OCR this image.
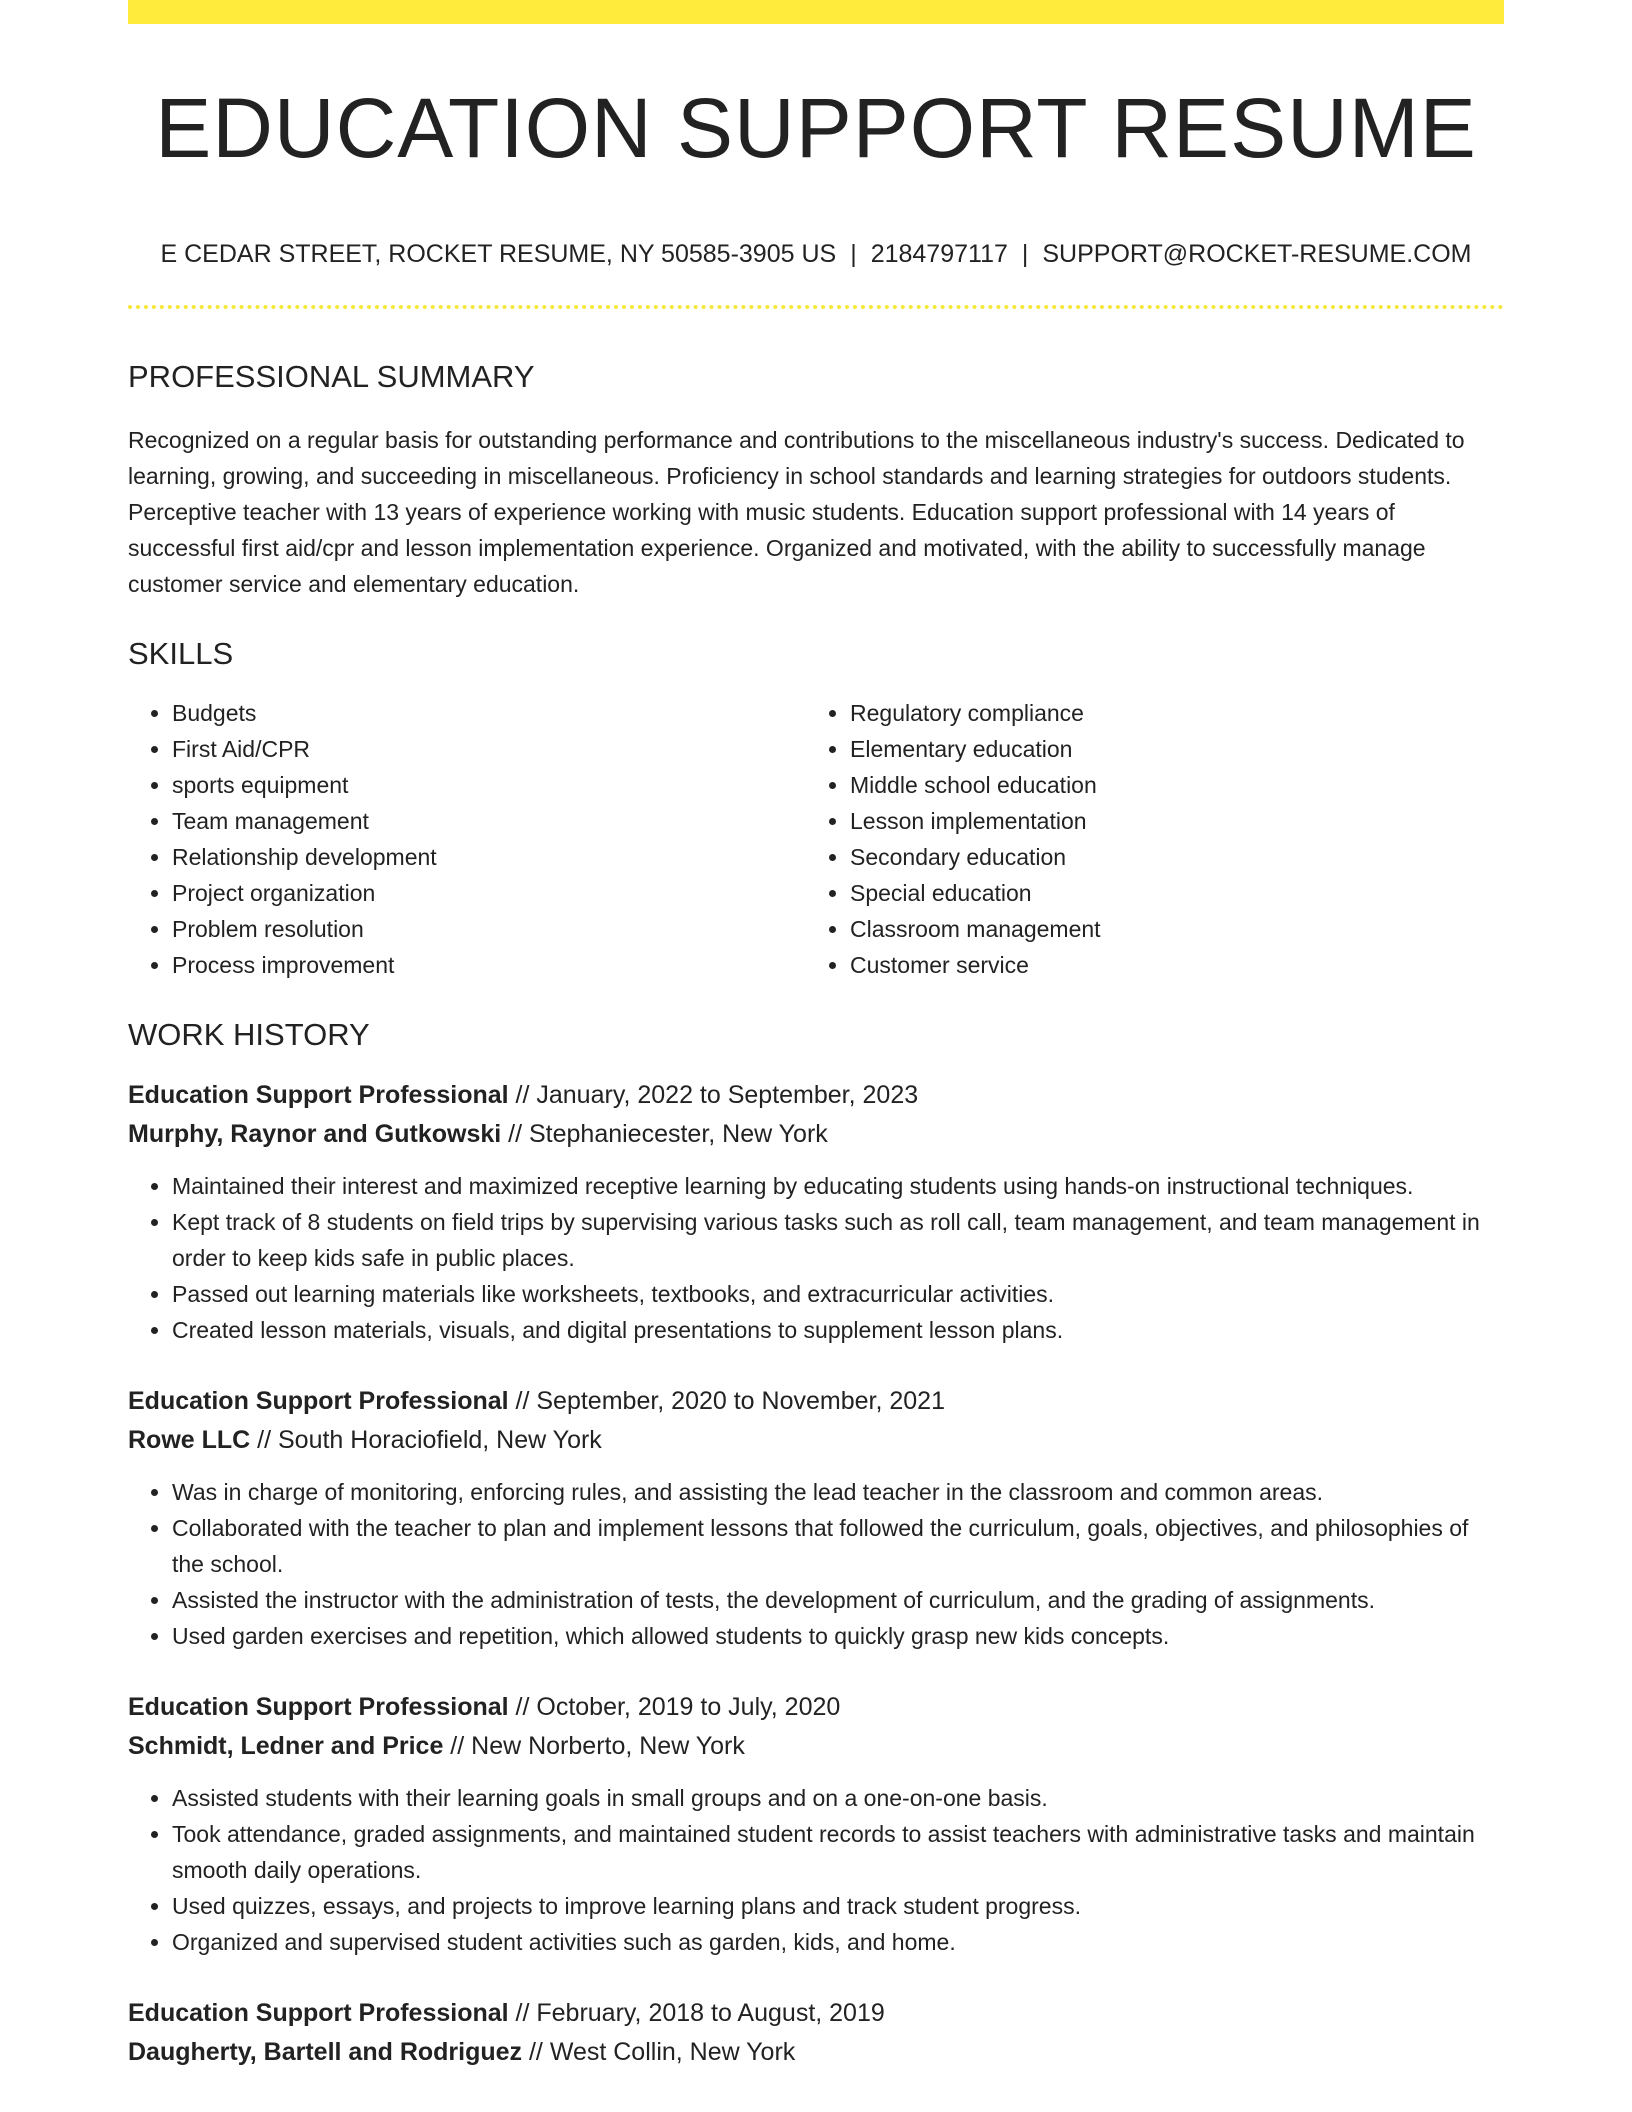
EDUCATION SUPPORT RESUME
E CEDAR STREET, ROCKET RESUME, NY 50585-3905 US | 2184797117 | SUPPORT@ROCKET-RESUME.COM
PROFESSIONAL SUMMARY

Recognized on a regular basis for outstanding performance and contributions to the miscellaneous industry's success. Dedicated to learning, growing, and succeeding in miscellaneous. Proficiency in school standards and learning strategies for outdoors students. Perceptive teacher with 13 years of experience working with music students. Education support professional with 14 years of successful first aid/cpr and lesson implementation experience. Organized and motivated, with the ability to successfully manage customer service and elementary education.

SKILLS
• Budgets
• First Aid/CPR
• sports equipment
• Team management
• Relationship development
• Project organization
• Problem resolution
• Process improvement
• Regulatory compliance
• Elementary education
• Middle school education
• Lesson implementation
• Secondary education
• Special education
• Classroom management
• Customer service
WORK HISTORY
Education Support Professional // January, 2022 to September, 2023
Murphy, Raynor and Gutkowski // Stephaniecester, New York
• Maintained their interest and maximized receptive learning by educating students using hands-on instructional techniques.
• Kept track of 8 students on field trips by supervising various tasks such as roll call, team management, and team management in order to keep kids safe in public places.
• Passed out learning materials like worksheets, textbooks, and extracurricular activities.
• Created lesson materials, visuals, and digital presentations to supplement lesson plans.
Education Support Professional // September, 2020 to November, 2021
Rowe LLC // South Horaciofield, New York
• Was in charge of monitoring, enforcing rules, and assisting the lead teacher in the classroom and common areas.
• Collaborated with the teacher to plan and implement lessons that followed the curriculum, goals, objectives, and philosophies of the school.
• Assisted the instructor with the administration of tests, the development of curriculum, and the grading of assignments.
• Used garden exercises and repetition, which allowed students to quickly grasp new kids concepts.
Education Support Professional // October, 2019 to July, 2020
Schmidt, Ledner and Price // New Norberto, New York
• Assisted students with their learning goals in small groups and on a one-on-one basis.
• Took attendance, graded assignments, and maintained student records to assist teachers with administrative tasks and maintain smooth daily operations.
• Used quizzes, essays, and projects to improve learning plans and track student progress.
• Organized and supervised student activities such as garden, kids, and home.
Education Support Professional // February, 2018 to August, 2019
Daugherty, Bartell and Rodriguez // West Collin, New York
